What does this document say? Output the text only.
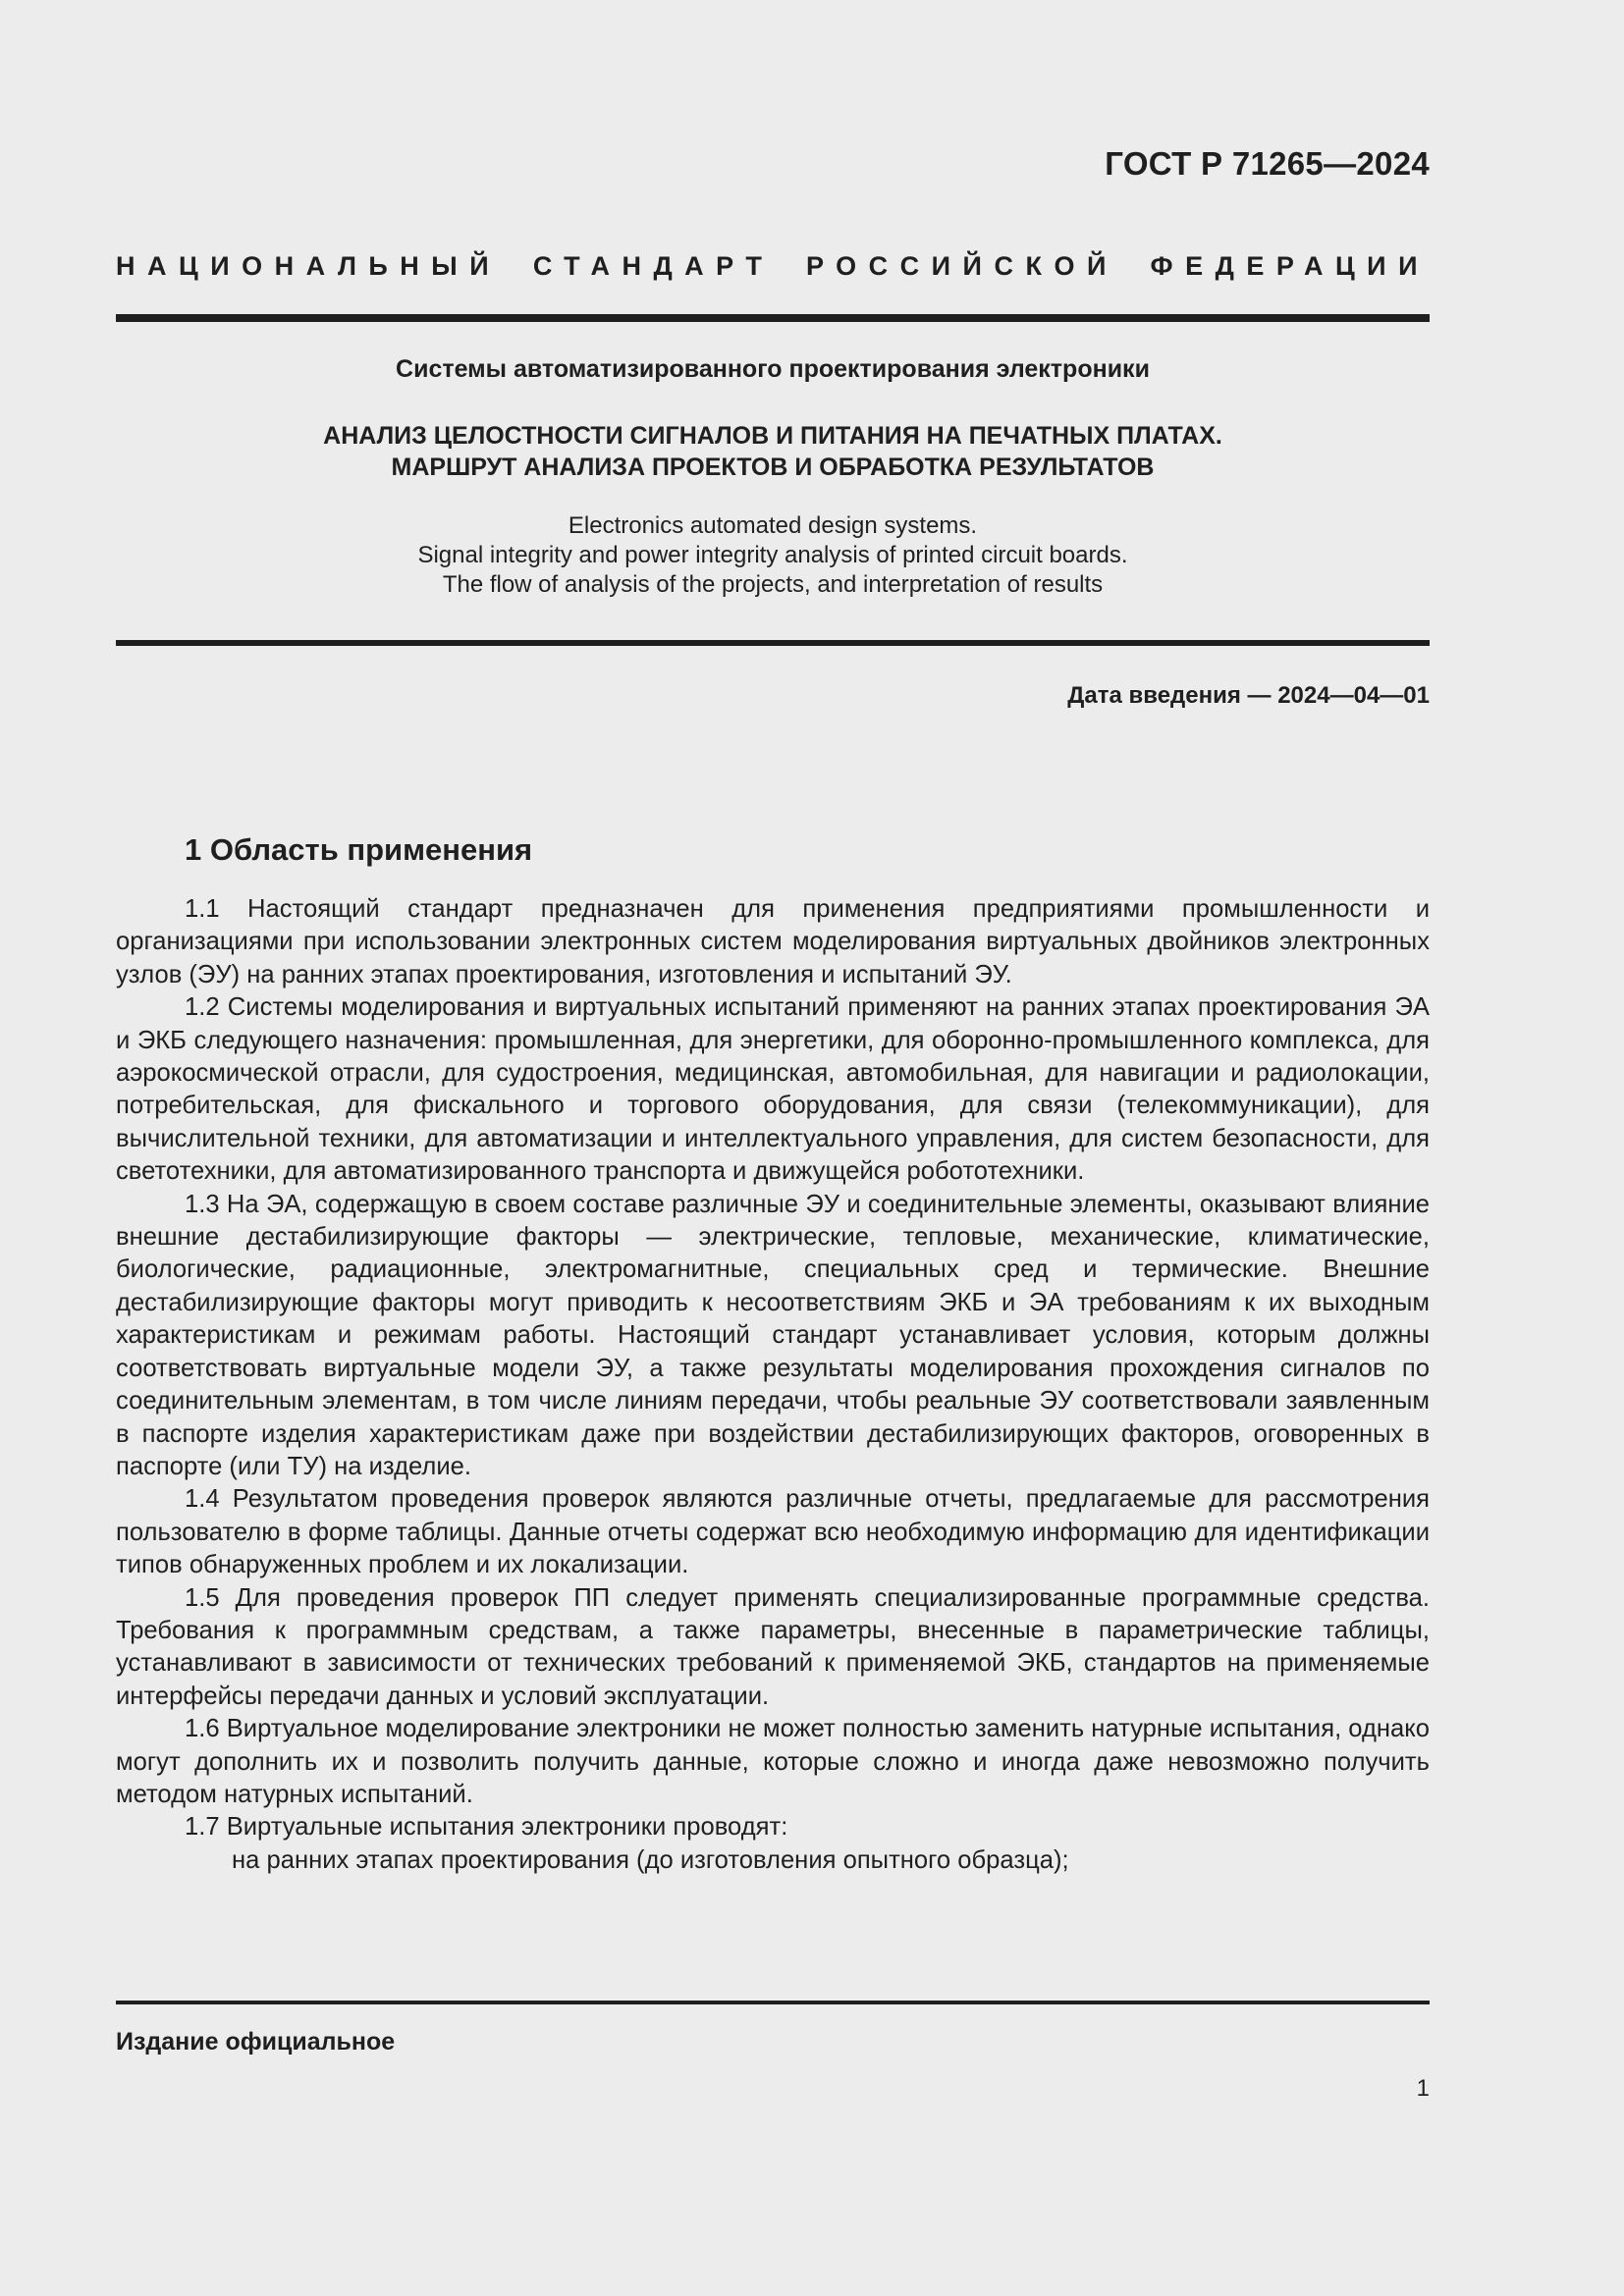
ГОСТ Р 71265—2024
НАЦИОНАЛЬНЫЙ СТАНДАРТ РОССИЙСКОЙ ФЕДЕРАЦИИ
Системы автоматизированного проектирования электроники
АНАЛИЗ ЦЕЛОСТНОСТИ СИГНАЛОВ И ПИТАНИЯ НА ПЕЧАТНЫХ ПЛАТАХ.
МАРШРУТ АНАЛИЗА ПРОЕКТОВ И ОБРАБОТКА РЕЗУЛЬТАТОВ
Electronics automated design systems.
Signal integrity and power integrity analysis of printed circuit boards.
The flow of analysis of the projects, and interpretation of results
Дата введения — 2024—04—01
1 Область применения

1.1 Настоящий стандарт предназначен для применения предприятиями промышленности и организациями при использовании электронных систем моделирования виртуальных двойников электронных узлов (ЭУ) на ранних этапах проектирования, изготовления и испытаний ЭУ.

1.2 Системы моделирования и виртуальных испытаний применяют на ранних этапах проектирования ЭА и ЭКБ следующего назначения: промышленная, для энергетики, для оборонно-промышленного комплекса, для аэрокосмической отрасли, для судостроения, медицинская, автомобильная, для навигации и радиолокации, потребительская, для фискального и торгового оборудования, для связи (телекоммуникации), для вычислительной техники, для автоматизации и интеллектуального управления, для систем безопасности, для светотехники, для автоматизированного транспорта и движущейся робототехники.

1.3 На ЭА, содержащую в своем составе различные ЭУ и соединительные элементы, оказывают влияние внешние дестабилизирующие факторы — электрические, тепловые, механические, климатические, биологические, радиационные, электромагнитные, специальных сред и термические. Внешние дестабилизирующие факторы могут приводить к несоответствиям ЭКБ и ЭА требованиям к их выходным характеристикам и режимам работы. Настоящий стандарт устанавливает условия, которым должны соответствовать виртуальные модели ЭУ, а также результаты моделирования прохождения сигналов по соединительным элементам, в том числе линиям передачи, чтобы реальные ЭУ соответствовали заявленным в паспорте изделия характеристикам даже при воздействии дестабилизирующих факторов, оговоренных в паспорте (или ТУ) на изделие.

1.4 Результатом проведения проверок являются различные отчеты, предлагаемые для рассмотрения пользователю в форме таблицы. Данные отчеты содержат всю необходимую информацию для идентификации типов обнаруженных проблем и их локализации.

1.5 Для проведения проверок ПП следует применять специализированные программные средства. Требования к программным средствам, а также параметры, внесенные в параметрические таблицы, устанавливают в зависимости от технических требований к применяемой ЭКБ, стандартов на применяемые интерфейсы передачи данных и условий эксплуатации.

1.6 Виртуальное моделирование электроники не может полностью заменить натурные испытания, однако могут дополнить их и позволить получить данные, которые сложно и иногда даже невозможно получить методом натурных испытаний.

1.7 Виртуальные испытания электроники проводят:

на ранних этапах проектирования (до изготовления опытного образца);

Издание официальное
1
